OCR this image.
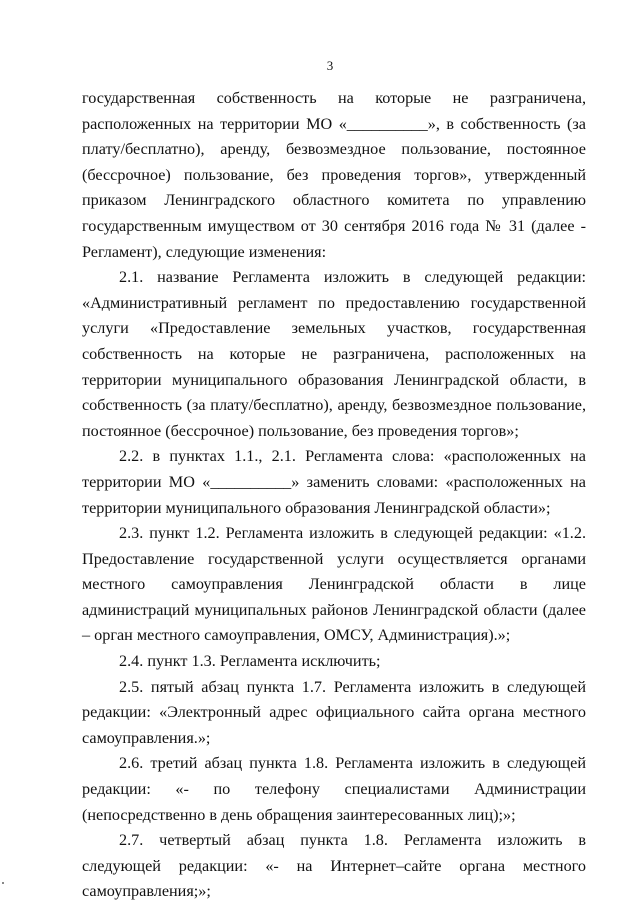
3

государственная собственность на которые не разграничена, расположенных на территории МО «__________», в собственность (за плату/бесплатно), аренду, безвозмездное пользование, постоянное (бессрочное) пользование, без проведения торгов», утвержденный приказом Ленинградского областного комитета по управлению государственным имуществом от 30 сентября 2016 года № 31 (далее - Регламент), следующие изменения:

2.1. название Регламента изложить в следующей редакции: «Административный регламент по предоставлению государственной услуги «Предоставление земельных участков, государственная собственность на которые не разграничена, расположенных на территории муниципального образования Ленинградской области, в собственность (за плату/бесплатно), аренду, безвозмездное пользование, постоянное (бессрочное) пользование, без проведения торгов»;

2.2. в пунктах 1.1., 2.1. Регламента слова: «расположенных на территории МО «__________» заменить словами: «расположенных на территории муниципального образования Ленинградской области»;

2.3. пункт 1.2. Регламента изложить в следующей редакции: «1.2. Предоставление государственной услуги осуществляется органами местного самоуправления Ленинградской области в лице администраций муниципальных районов Ленинградской области (далее – орган местного самоуправления, ОМСУ, Администрация).»;

2.4. пункт 1.3. Регламента исключить;

2.5. пятый абзац пункта 1.7. Регламента изложить в следующей редакции: «Электронный адрес официального сайта органа местного самоуправления.»;

2.6. третий абзац пункта 1.8. Регламента изложить в следующей редакции: «- по телефону специалистами Администрации (непосредственно в день обращения заинтересованных лиц);»;

2.7. четвертый абзац пункта 1.8. Регламента изложить в следующей редакции: «- на Интернет–сайте органа местного самоуправления;»;
